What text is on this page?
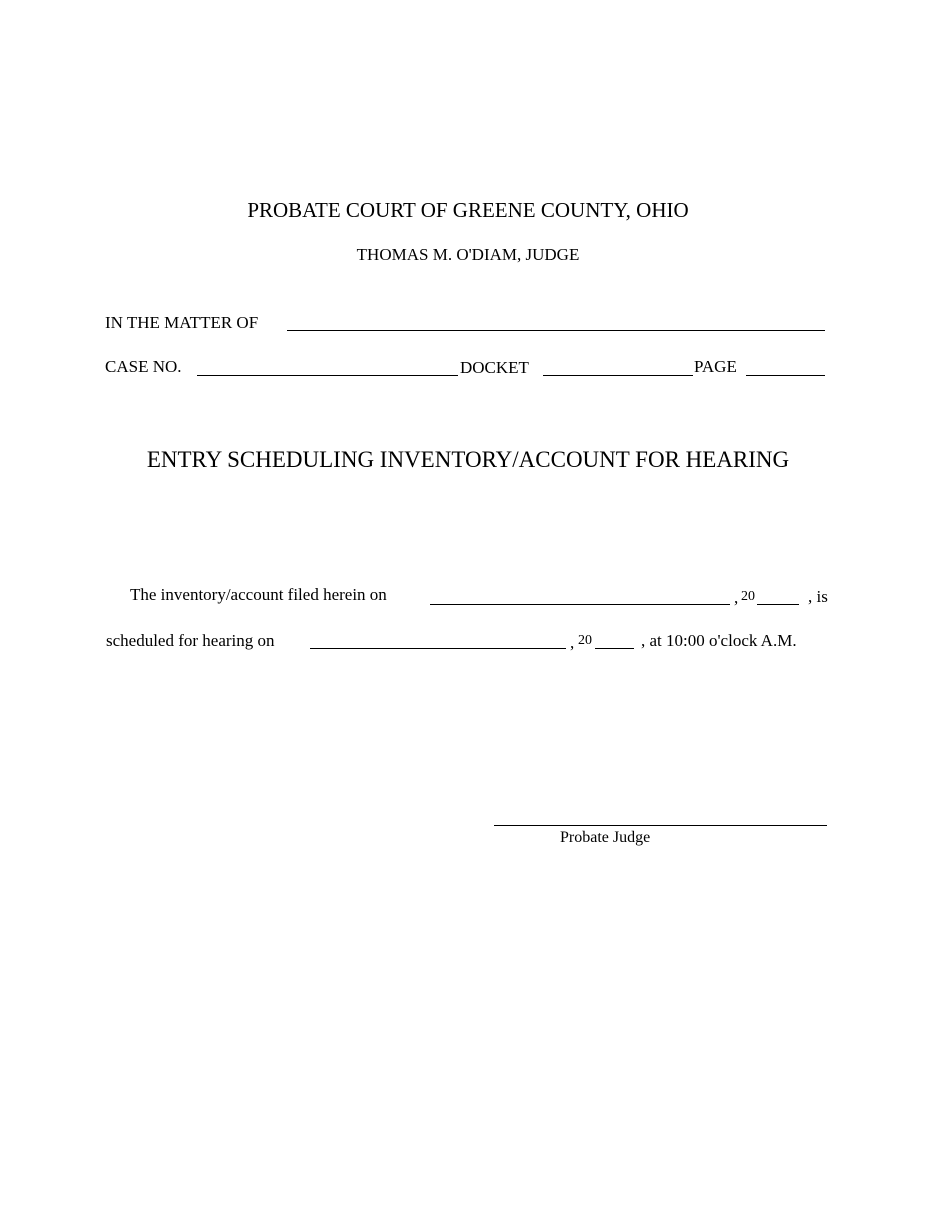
PROBATE COURT OF GREENE COUNTY, OHIO
THOMAS M. O'DIAM, JUDGE
IN THE MATTER OF
CASE NO.	DOCKET	PAGE
ENTRY SCHEDULING INVENTORY/ACCOUNT FOR HEARING
The inventory/account filed herein on	, 20	, is
scheduled for hearing on	, 20	, at 10:00 o'clock A.M.
Probate Judge
